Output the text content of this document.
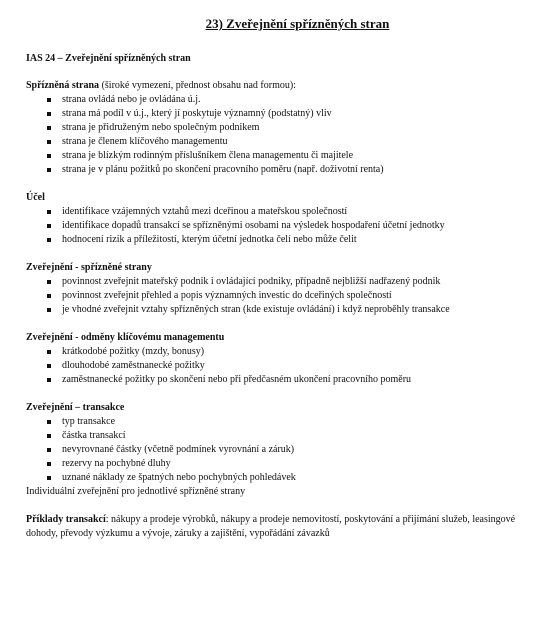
23) Zveřejnění spřízněných stran

IAS 24 – Zveřejnění spřízněných stran

Spřízněná strana (široké vymezení, přednost obsahu nad formou):

strana ovládá nebo je ovládána ú.j.
strana má podíl v ú.j., který jí poskytuje významný (podstatný) vliv
strana je přidruženým nebo společným podnikem
strana je členem klíčového managementu
strana je blízkým rodinným příslušníkem člena managementu či majitele
strana je v plánu požitků po skončení pracovního poměru (např. doživotní renta)

Účel

identifikace vzájemných vztahů mezi dceřinou a mateřskou společností
identifikace dopadů transakcí se spřízněnými osobami na výsledek hospodaření účetní jednotky
hodnocení rizik a příležitostí, kterým účetní jednotka čelí nebo může čelit

Zveřejnění - spřízněné strany

povinnost zveřejnit mateřský podnik i ovládající podniky, případně nejbližší nadřazený podnik
povinnost zveřejnit přehled a popis významných investic do dceřiných společností
je vhodné zveřejnit vztahy spřízněných stran (kde existuje ovládání) i když neproběhly transakce

Zveřejnění - odměny klíčovému managementu

krátkodobé požitky (mzdy, bonusy)
dlouhodobé zaměstnanecké požitky
zaměstnanecké požitky po skončení nebo při předčasném ukončení pracovního poměru

Zveřejnění – transakce

typ transakce
částka transakcí
nevyrovnané částky (včetně podmínek vyrovnání a záruk)
rezervy na pochybné dluhy
uznané náklady ze špatných nebo pochybných pohledávek

Individuální zveřejnění pro jednotlivé spřízněné strany

Příklady transakcí: nákupy a prodeje výrobků, nákupy a prodeje nemovitostí, poskytování a přijímání služeb, leasingové dohody, převody výzkumu a vývoje, záruky a zajištění, vypořádání závazků
